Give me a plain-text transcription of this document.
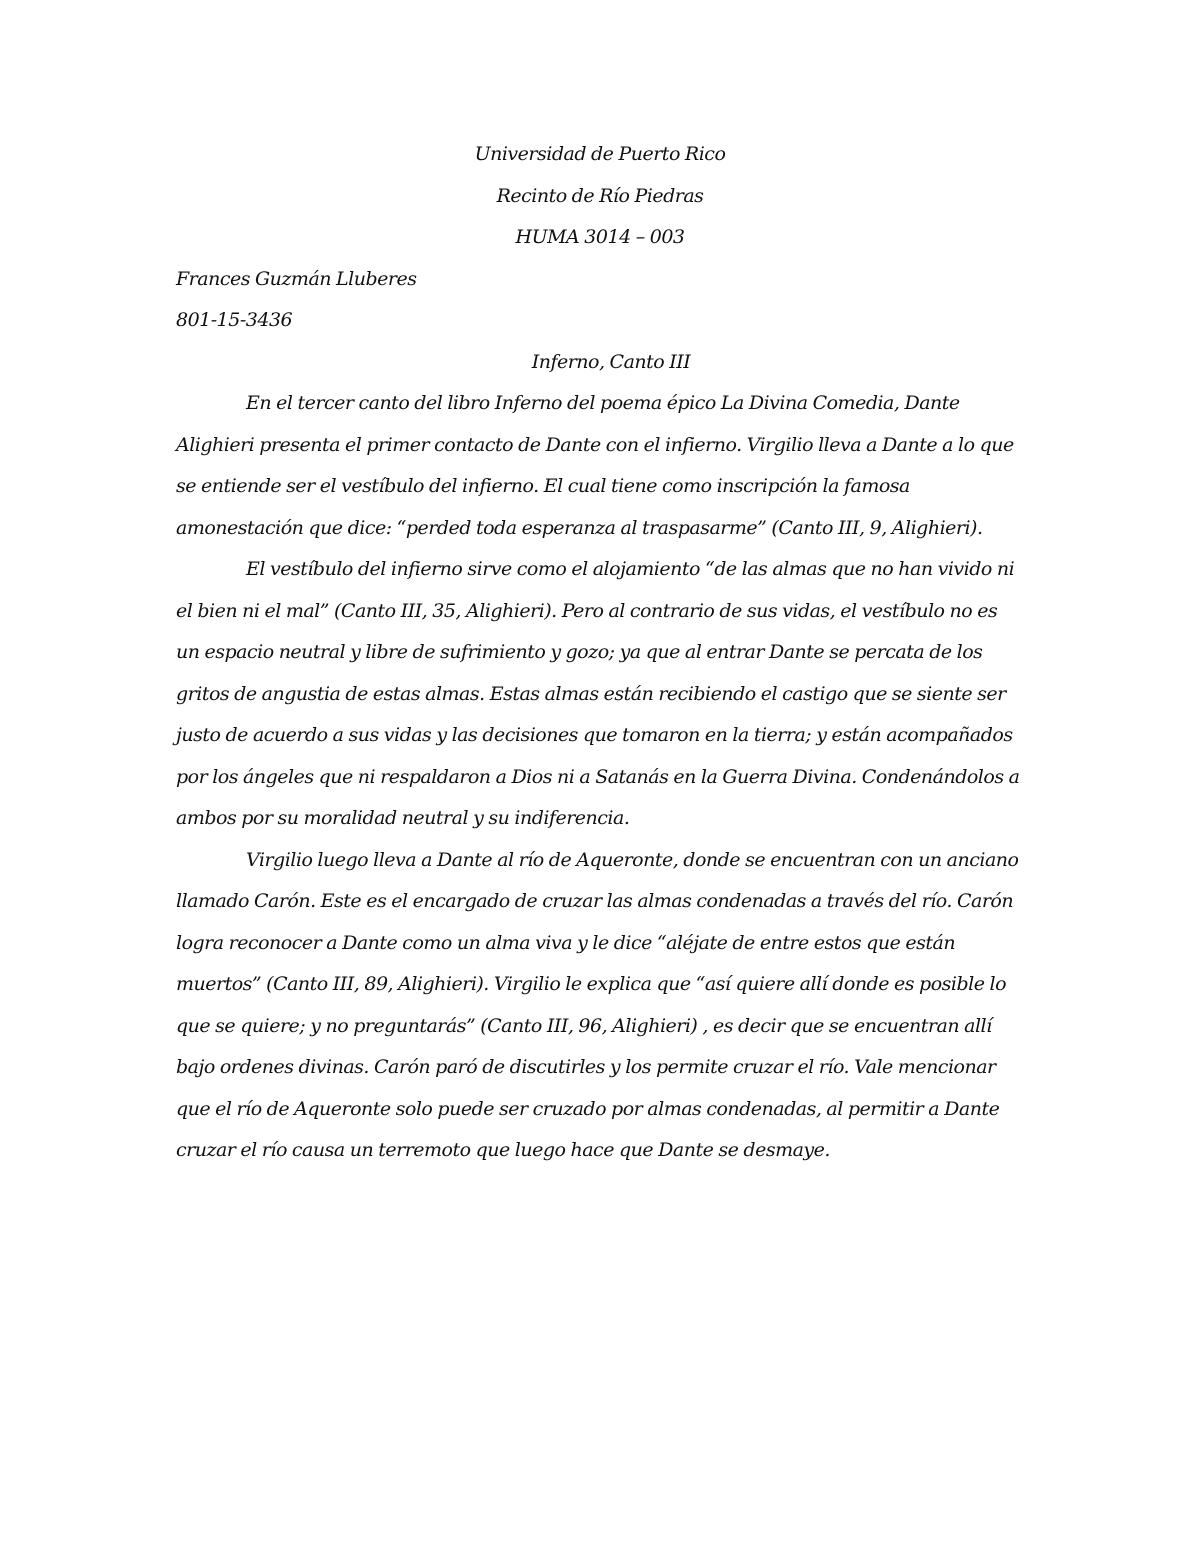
Universidad de Puerto Rico
Recinto de Río Piedras
HUMA 3014 – 003
Frances Guzmán Lluberes
801-15-3436
Inferno, Canto III

En el tercer canto del libro Inferno del poema épico La Divina Comedia, Dante Alighieri presenta el primer contacto de Dante con el infierno. Virgilio lleva a Dante a lo que se entiende ser el vestíbulo del infierno. El cual tiene como inscripción la famosa amonestación que dice: “perded toda esperanza al traspasarme” (Canto III, 9, Alighieri).

El vestíbulo del infierno sirve como el alojamiento “de las almas que no han vivido ni el bien ni el mal” (Canto III, 35, Alighieri). Pero al contrario de sus vidas, el vestíbulo no es un espacio neutral y libre de sufrimiento y gozo; ya que al entrar Dante se percata de los gritos de angustia de estas almas. Estas almas están recibiendo el castigo que se siente ser justo de acuerdo a sus vidas y las decisiones que tomaron en la tierra; y están acompañados por los ángeles que ni respaldaron a Dios ni a Satanás en la Guerra Divina. Condenándolos a ambos por su moralidad neutral y su indiferencia.

Virgilio luego lleva a Dante al río de Aqueronte, donde se encuentran con un anciano llamado Carón. Este es el encargado de cruzar las almas condenadas a través del río. Carón logra reconocer a Dante como un alma viva y le dice “aléjate de entre estos que están muertos” (Canto III, 89, Alighieri). Virgilio le explica que “así quiere allí donde es posible lo que se quiere; y no preguntarás” (Canto III, 96, Alighieri) , es decir que se encuentran allí bajo ordenes divinas. Carón paró de discutirles y los permite cruzar el río. Vale mencionar que el río de Aqueronte solo puede ser cruzado por almas condenadas, al permitir a Dante cruzar el río causa un terremoto que luego hace que Dante se desmaye.
